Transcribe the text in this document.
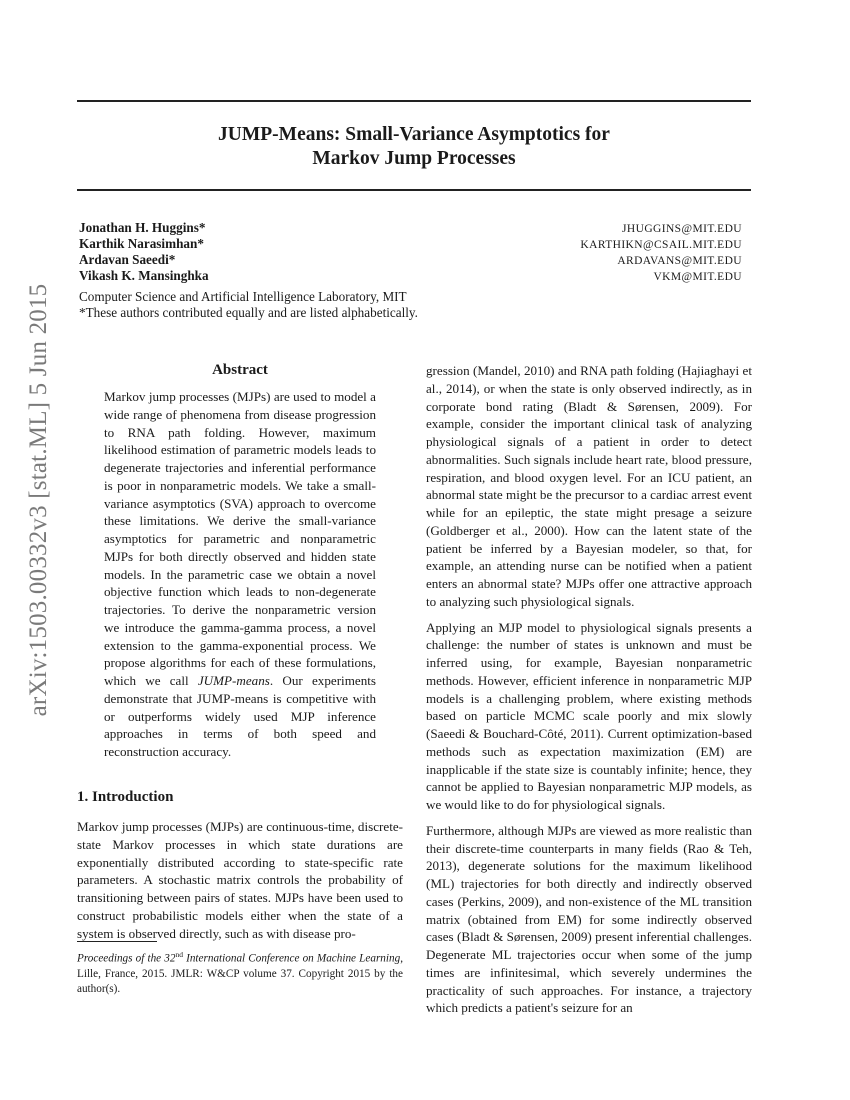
arXiv:1503.00332v3 [stat.ML] 5 Jun 2015
JUMP-Means: Small-Variance Asymptotics for
Markov Jump Processes
Jonathan H. Huggins*
Karthik Narasimhan*
Ardavan Saeedi*
Vikash K. Mansinghka
JHUGGINS@MIT.EDU
KARTHIKN@CSAIL.MIT.EDU
ARDAVANS@MIT.EDU
VKM@MIT.EDU
Computer Science and Artificial Intelligence Laboratory, MIT
*These authors contributed equally and are listed alphabetically.
Abstract
Markov jump processes (MJPs) are used to model a wide range of phenomena from disease progression to RNA path folding. However, maximum likelihood estimation of parametric models leads to degenerate trajectories and inferential performance is poor in nonparametric models. We take a small-variance asymptotics (SVA) approach to overcome these limitations. We derive the small-variance asymptotics for parametric and nonparametric MJPs for both directly observed and hidden state models. In the parametric case we obtain a novel objective function which leads to non-degenerate trajectories. To derive the nonparametric version we introduce the gamma-gamma process, a novel extension to the gamma-exponential process. We propose algorithms for each of these formulations, which we call JUMP-means. Our experiments demonstrate that JUMP-means is competitive with or outperforms widely used MJP inference approaches in terms of both speed and reconstruction accuracy.
1. Introduction
Markov jump processes (MJPs) are continuous-time, discrete-state Markov processes in which state durations are exponentially distributed according to state-specific rate parameters. A stochastic matrix controls the probability of transitioning between pairs of states. MJPs have been used to construct probabilistic models either when the state of a system is observed directly, such as with disease pro-
Proceedings of the 32nd International Conference on Machine Learning, Lille, France, 2015. JMLR: W&CP volume 37. Copyright 2015 by the author(s).

gression (Mandel, 2010) and RNA path folding (Hajiaghayi et al., 2014), or when the state is only observed indirectly, as in corporate bond rating (Bladt & Sørensen, 2009). For example, consider the important clinical task of analyzing physiological signals of a patient in order to detect abnormalities. Such signals include heart rate, blood pressure, respiration, and blood oxygen level. For an ICU patient, an abnormal state might be the precursor to a cardiac arrest event while for an epileptic, the state might presage a seizure (Goldberger et al., 2000). How can the latent state of the patient be inferred by a Bayesian modeler, so that, for example, an attending nurse can be notified when a patient enters an abnormal state? MJPs offer one attractive approach to analyzing such physiological signals.

Applying an MJP model to physiological signals presents a challenge: the number of states is unknown and must be inferred using, for example, Bayesian nonparametric methods. However, efficient inference in nonparametric MJP models is a challenging problem, where existing methods based on particle MCMC scale poorly and mix slowly (Saeedi & Bouchard-Côté, 2011). Current optimization-based methods such as expectation maximization (EM) are inapplicable if the state size is countably infinite; hence, they cannot be applied to Bayesian nonparametric MJP models, as we would like to do for physiological signals.

Furthermore, although MJPs are viewed as more realistic than their discrete-time counterparts in many fields (Rao & Teh, 2013), degenerate solutions for the maximum likelihood (ML) trajectories for both directly and indirectly observed cases (Perkins, 2009), and non-existence of the ML transition matrix (obtained from EM) for some indirectly observed cases (Bladt & Sørensen, 2009) present inferential challenges. Degenerate ML trajectories occur when some of the jump times are infinitesimal, which severely undermines the practicality of such approaches. For instance, a trajectory which predicts a patient's seizure for an
